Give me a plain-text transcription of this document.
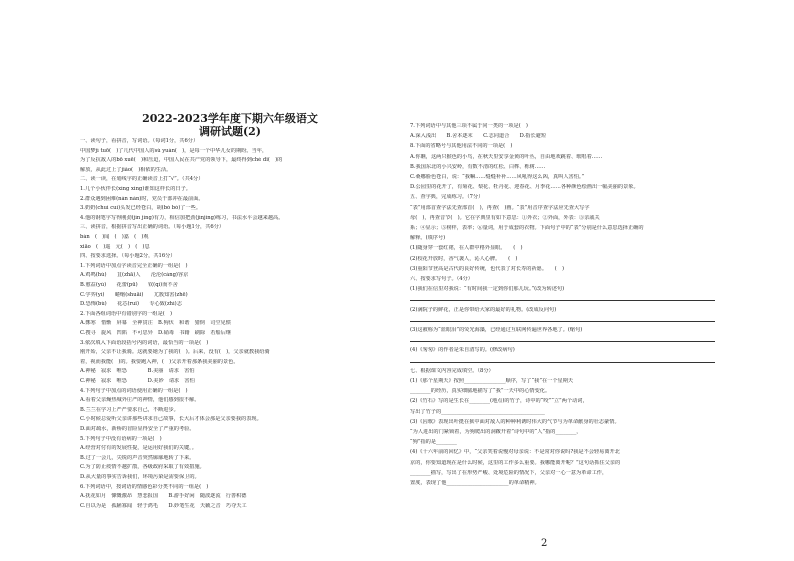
2022-2023学年度下期六年级语文
调研试题(2)
一、读句子，看拼音，写词语。（每词1分，共6分）
中国梦jì tuō(　)了几代中国人的sù yuàn(　)，是每一个中华儿女的期盼。当年，
为了反抗敌人的bō xuē(　)和压迫，中国人民在共产党的领导下，最终得到chè dǐ(　)的
解放，从此过上了jiǎo(　)相依的生活。
二、读一读，在划线字的正确读音上打“√”。（共4分）
1.几个小伙伴长(xíng xíng)谁知这样长的日子。
2.群众遇到困难(nán nàn)时，党员干部冲在最前面。
3.奶奶(chuí cuí)头发已经苍白，胡(bò bó)了一些。
4.他的钢笔字写得刚劲(jìn jìng)有力，相信加把劲(jìnjìng)练习，书法水平会越来越高。
三、读拼音，根据拼音写出正确的词语。（每小题1分，共6分）
bàn　(　)闻　(　)嘉　(　)观
xiāo　(　)遥　元(　)　(　)息
四、按要求选择。（每小题2分，共16分）
1.下列词语中加点字读音完全正确的一组是(　)
A.鸡鸣(hù)　　苴(zhā)人　　沦沦(càng)容京
B.愈益(yù)　　花蕾(pū)　　钦(qì)而不舍
C.学弈(yì)　　蜷缩(shuāi)　　尤簇知害(zhē)
D.恐怖(bù)　　花芯(ruǐ)　　专心致(zhì)志
2.下面各组词语中有错别字的一组是(　)
A.鄭寒　惜惭　屏幕　全神贯注　B.狗伏　和谐　猎倒　司空见惯
C.搜寻　旋风　凹陷　不可思异　D.硝毒　书籍　刷除　若船后继
3.依次填入下面语段括号内的词语，最恰当的一项是(　)
刚开始，父亲不让我骑。这就要她为了我的(　)。后来，没有(　)，父亲就教我给骑
着，视而我能(　)的。我要跑入神，(　)父亲开着那条我美丽的景色。
A.神秘　寂求　唯恐　　　　B.美丽　请求　害怕
C.神秘　寂求　唯恐　　　　D.美妙　请求　害怕
4.下列句子中加点的词语使用正确的一组是(　)
A.看着父亲燥热城外庄严的神情，他们感到很不解。
B.兰兰在学习上严严要求自己，不断进步。
C.小时候总爱听父亲讲那些讲求自己故事，长大后才体会那是父亲要我的表现。
D.面对疏水，新桥的冒险显得安全了严重的考验。
5.下列句子中没有语病的一项是(　)
A.经营对付有的发展性提，是运用好我们的关键，。
B.过了一会儿，尖锐的声音突然廓廓地转了下来。
C.为了防止疫情不越扩散，各级政府采取了有效措施。
D.从大量的事实告诉我们，环境污染是需要保卫的。
6.下列词语中，按词语的情感色彩分类不同的一组是(　)
A.抚花如月　慷慨激昂　慧悲报国　　B.游手好闲　随波逐流　行善积德
C.自以为是　孤陋寡闻　轻于鸿毛　　D.妙笔生花　天籁之音　巧夺天工
7.下列词语中与其他三项不属于同一类的一项是(　)
A.深入浅出　　B.舍本逐末　　C.志同道合　　D.指长避短
8.下面的省略号与其他用法不同的一项是(　)
A.你瞧，这两只猴色的小鸟，在秋天里安享金黄的叶丛，自由地欢跳着、歌唱着……
B.我国东北的小兴安岭，有数不清的红松、白桦、栎树……
C.桑娜脸色苍白，说：“我嘛……缝缝补补……风吼得这么凶，真叫人害怕。”
D.公园里的花开了，有菊花、梨花、牡丹花、迎春花、月季花……各种颜色绘画出一幅美丽的景象。
五、查字典，完成练习。（7分）
“表”用部首查字法先查部首(　)，再查(　)画。“表”用音序查字法应先查大写字
母(　)，再查音节(　)。它在字典里有如下意思：①外衣；②外面，外表：③亲戚关
系；④显示；⑤榜样，表率；⑥量词，用于成套的衣物。下面句子中的“表”分别是什么意思选择正确的
解释。(填序号)
(1)随身穿一套红裙，在人群中格外显眼。　　(　)
(2)校花开放时，香气袭人，沁人心脾。　　(　)
(3)重阳节登高是古代的良好传统，也代表了对长寿的祈愿。　　(　)
六、按要求写句子。（4分）
(1)我们在信里对我说：“有时间我一定到你们那儿玩。”(改为转述句)
(2)满院子的鲜花，正是你带给大家的最好的礼物。(改成反问句)
(3)这被称为“蓝眼泪”的荧光海藻，已经通过互联网传遍世界各地了。(缩句)
(4)《匆匆》的作者是朱自清写的。(修改病句)
七、根据课文内容完成填空。（8分）
(1)《那个星期天》按照________________顺序，写了“我”在一个星期天
________的经历，真实细腻地描写了“我”一天中的心情变化。
(2)《竹石》写的是生长在________(地点)的竹子，诗中的“咬”“立”两个动词，
写出了竹子的________________________________________
(3)《囚歌》表现出叶挺在狱中面对敌人的种种利诱时伟大的气节与为革命献身的壮志豪情。
“为人进出的门紧锁着，为狗爬出的洞敞开着”诗句中的“人”指的________，
“狗”指的是________
(4)《十六年前的回忆》中，“父亲笑着说慢对母亲说：不是常对你说吗?我是不会轻易离开北
京的，你要知道现在是什么时候，这里的工作多么重要。我哪能离开呢？”这句话抓住父亲的
________描写，写出了在形势严峻、处境危险的情况下，父亲对一心一意为革命工作，
置度，表现了他________________________的革命精神。
2
